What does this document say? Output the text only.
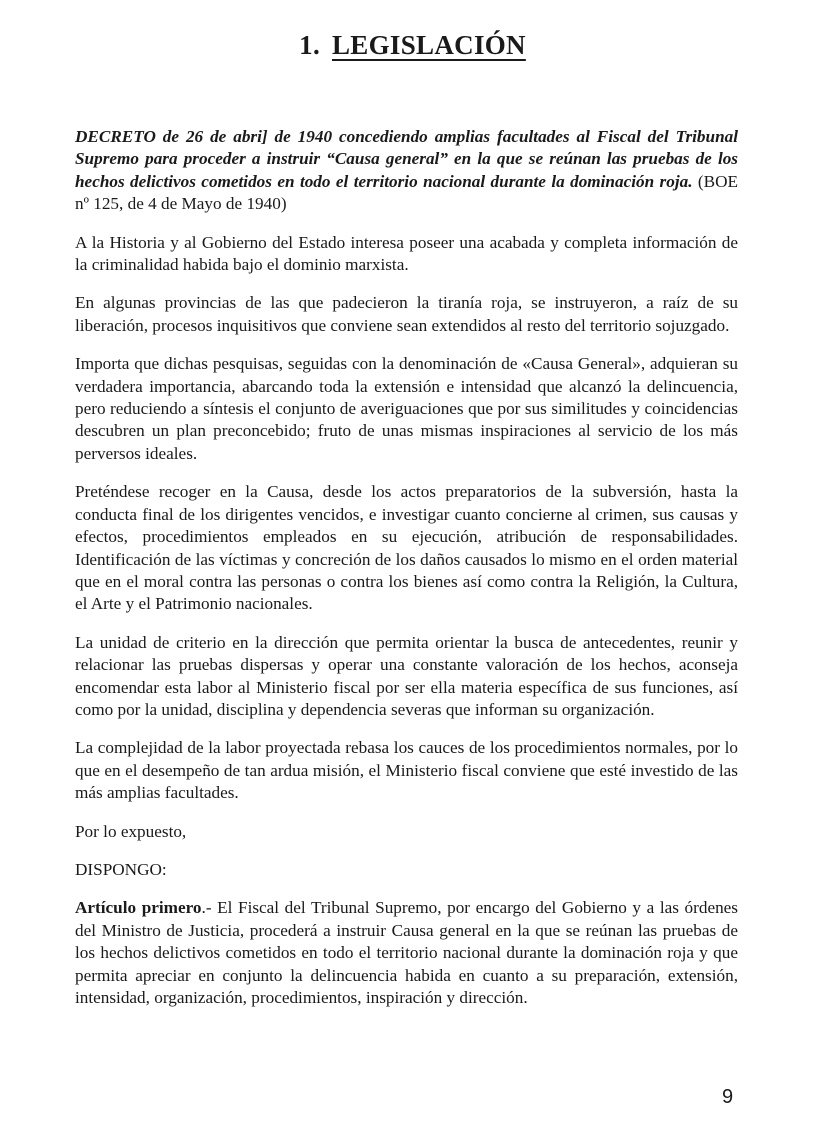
1. LEGISLACIÓN

DECRETO de 26 de abri] de 1940 concediendo amplias facultades al Fiscal del Tribunal Supremo para proceder a instruir “Causa general” en la que se reúnan las pruebas de los hechos delictivos cometidos en todo el territorio nacional durante la dominación roja. (BOE nº 125, de 4 de Mayo de 1940)

A la Historia y al Gobierno del Estado interesa poseer una acabada y completa información de la criminalidad habida bajo el dominio marxista.

En algunas provincias de las que padecieron la tiranía roja, se instruyeron, a raíz de su liberación, procesos inquisitivos que conviene sean extendidos al resto del territorio sojuzgado.

Importa que dichas pesquisas, seguidas con la denominación de «Causa General», adquieran su verdadera importancia, abarcando toda la extensión e intensidad que alcanzó la delincuencia, pero reduciendo a síntesis el conjunto de averiguaciones que por sus similitudes y coincidencias descubren un plan preconcebido; fruto de unas mismas inspiraciones al servicio de los más perversos ideales.

Preténdese recoger en la Causa, desde los actos preparatorios de la subversión, hasta la conducta final de los dirigentes vencidos, e investigar cuanto concierne al crimen, sus causas y efectos, procedimientos empleados en su ejecución, atribución de responsabilidades. Identificación de las víctimas y concreción de los daños causados lo mismo en el orden material que en el moral contra las personas o contra los bienes así como contra la Religión, la Cultura, el Arte y el Patrimonio nacionales.

La unidad de criterio en la dirección que permita orientar la busca de antecedentes, reunir y relacionar las pruebas dispersas y operar una constante valoración de los hechos, aconseja encomendar esta labor al Ministerio fiscal por ser ella materia específica de sus funciones, así como por la unidad, disciplina y dependencia severas que informan su organización.

La complejidad de la labor proyectada rebasa los cauces de los procedimientos normales, por lo que en el desempeño de tan ardua misión, el Ministerio fiscal conviene que esté investido de las más amplias facultades.

Por lo expuesto,

DISPONGO:

Artículo primero.- El Fiscal del Tribunal Supremo, por encargo del Gobierno y a las órdenes del Ministro de Justicia, procederá a instruir Causa general en la que se reúnan las pruebas de los hechos delictivos cometidos en todo el territorio nacional durante la dominación roja y que permita apreciar en conjunto la delincuencia habida en cuanto a su preparación, extensión, intensidad, organización, procedimientos, inspiración y dirección.

9
